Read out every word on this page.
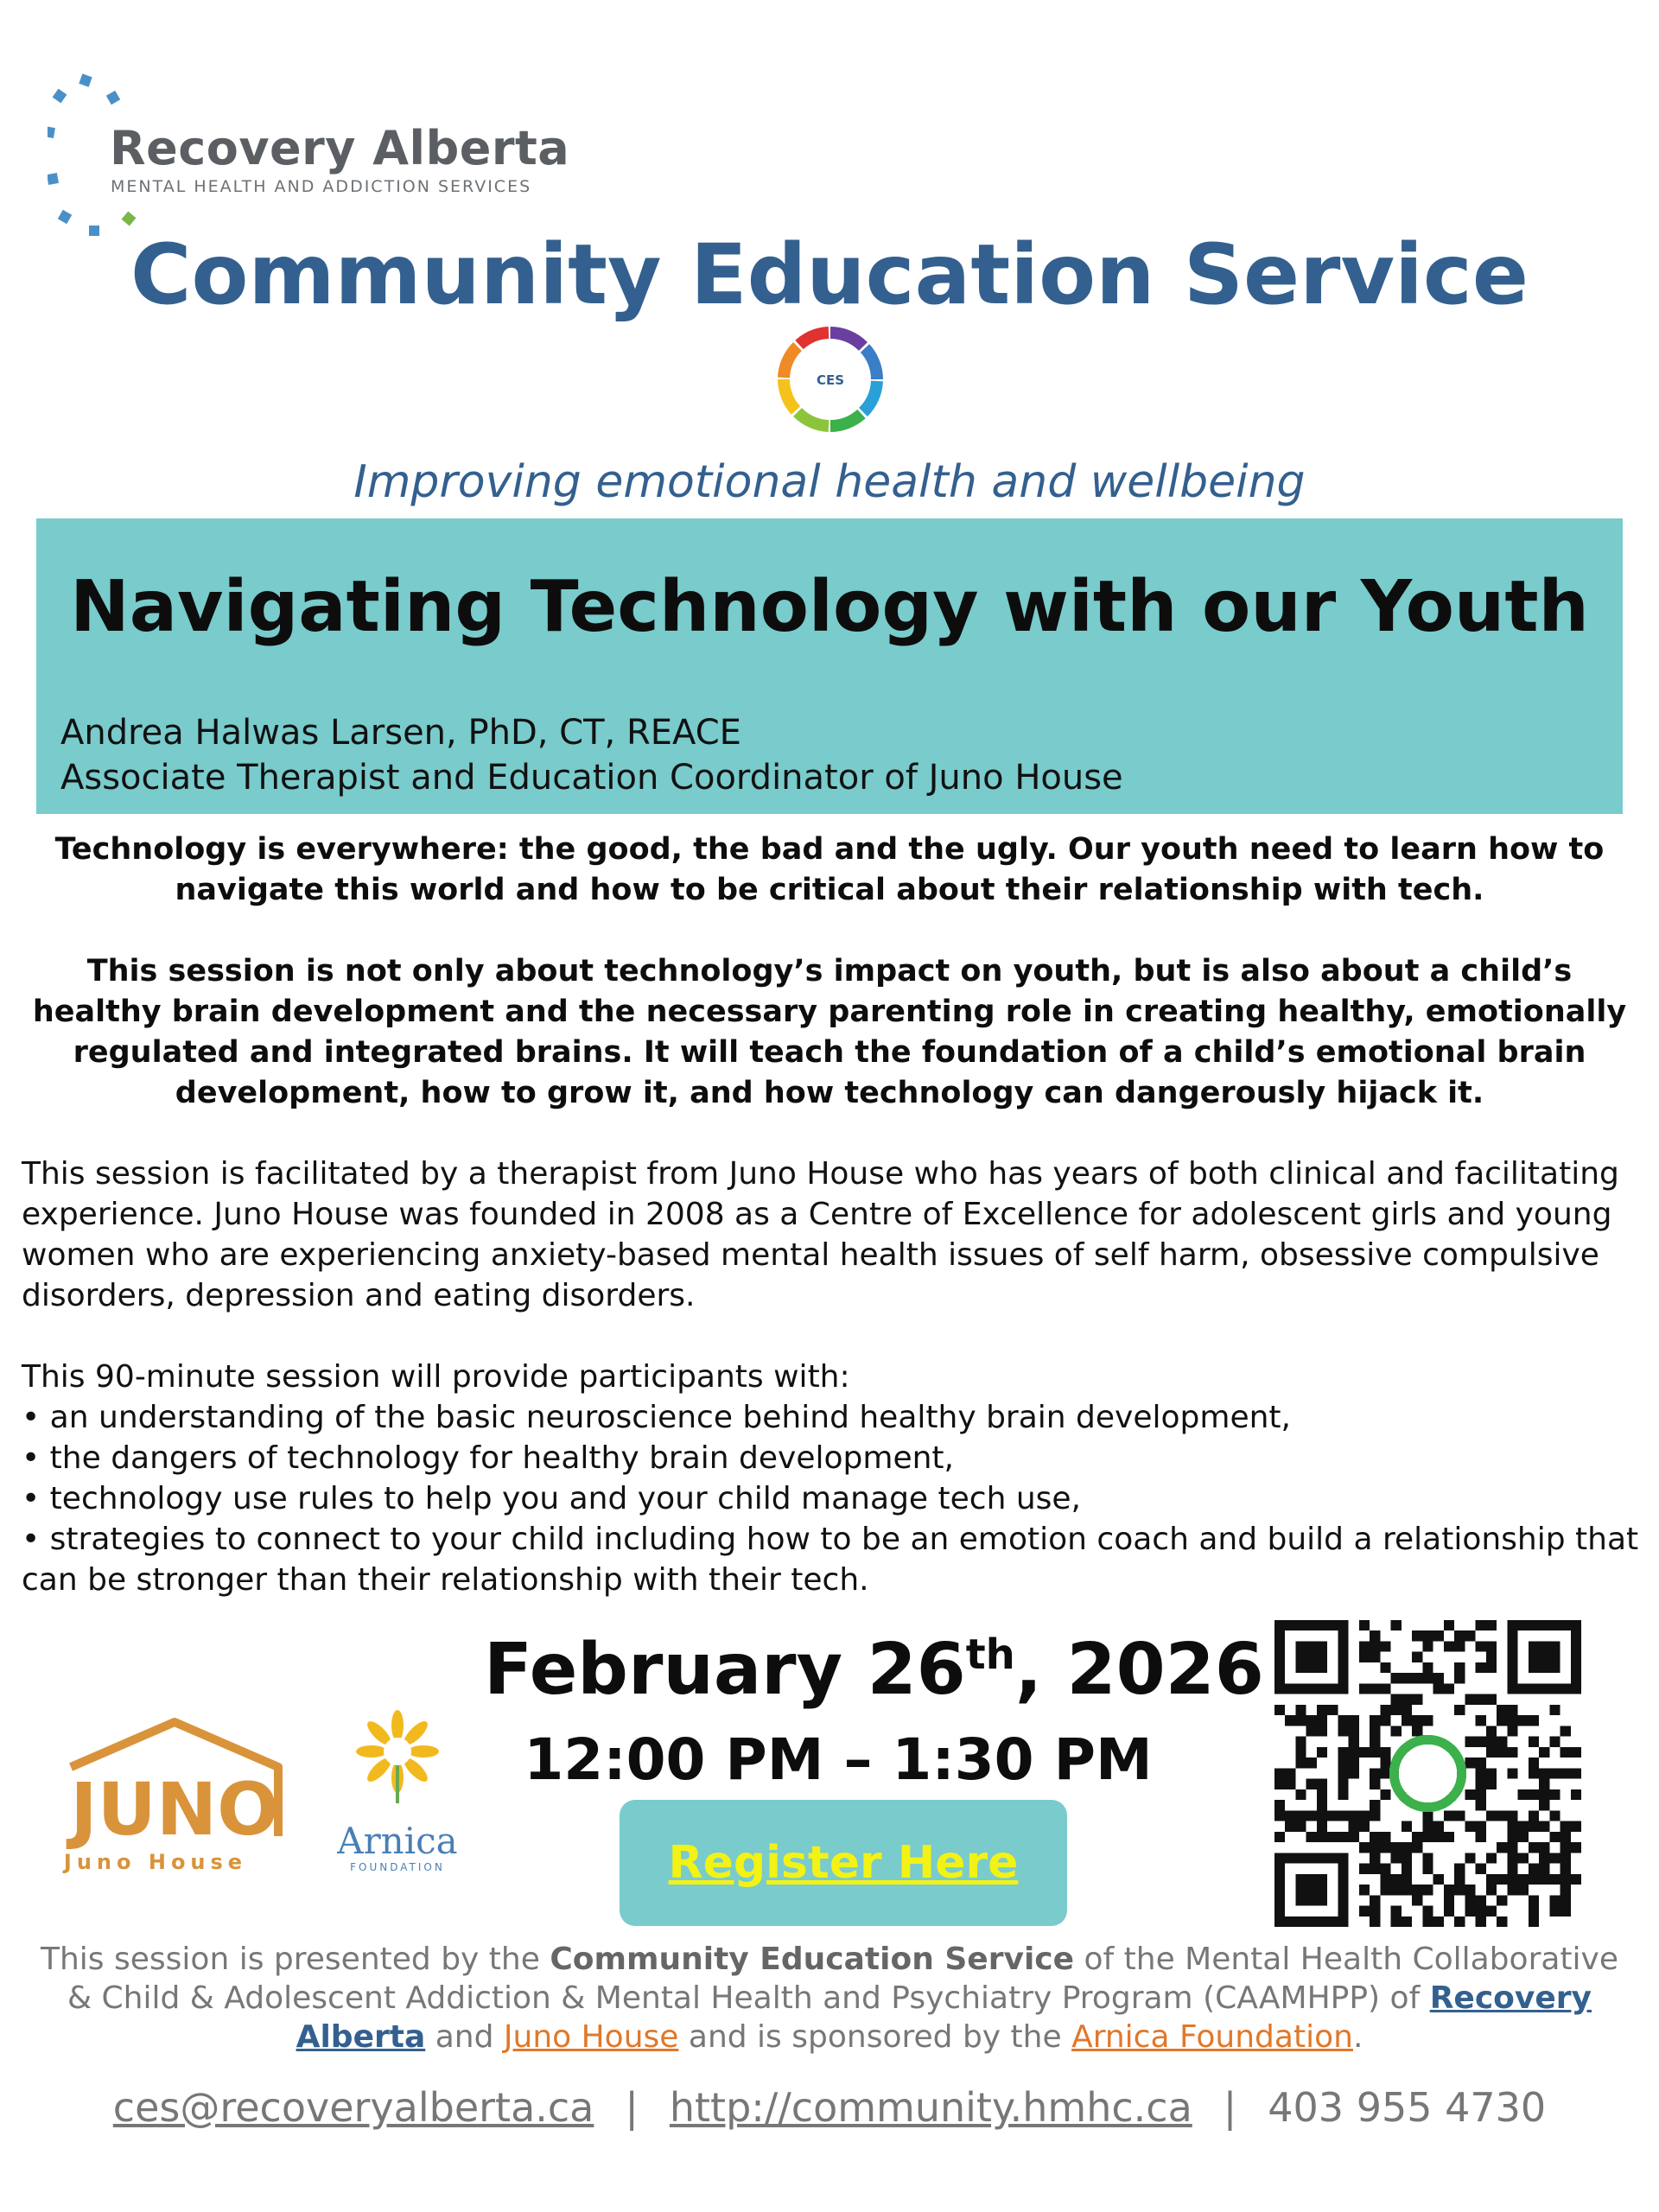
Recovery Alberta
MENTAL HEALTH AND ADDICTION SERVICES
Community Education Service
CES
Improving emotional health and wellbeing
Navigating Technology with our Youth
Andrea Halwas Larsen, PhD, CT, REACE
Associate Therapist and Education Coordinator of Juno House

Technology is everywhere: the good, the bad and the ugly. Our youth need to learn how to navigate this world and how to be critical about their relationship with tech.

This session is not only about technology’s impact on youth, but is also about a child’s healthy brain development and the necessary parenting role in creating healthy, emotionally regulated and integrated brains. It will teach the foundation of a child’s emotional brain development, how to grow it, and how technology can dangerously hijack it.

This session is facilitated by a therapist from Juno House who has years of both clinical and facilitating experience. Juno House was founded in 2008 as a Centre of Excellence for adolescent girls and young women who are experiencing anxiety-based mental health issues of self harm, obsessive compulsive disorders, depression and eating disorders.

This 90-minute session will provide participants with:
• an understanding of the basic neuroscience behind healthy brain development,
• the dangers of technology for healthy brain development,
• technology use rules to help you and your child manage tech use,
• strategies to connect to your child including how to be an emotion coach and build a relationship that can be stronger than their relationship with their tech.
JUNO
Juno House Arnica
FOUNDATION
February 26th, 2026
12:00 PM – 1:30 PM
Register Here
This session is presented by the Community Education Service of the Mental Health Collaborative & Child & Adolescent Addiction & Mental Health and Psychiatry Program (CAAMHPP) of Recovery Alberta and Juno House and is sponsored by the Arnica Foundation.
ces@recoveryalberta.ca | http://community.hmhc.ca | 403 955 4730
